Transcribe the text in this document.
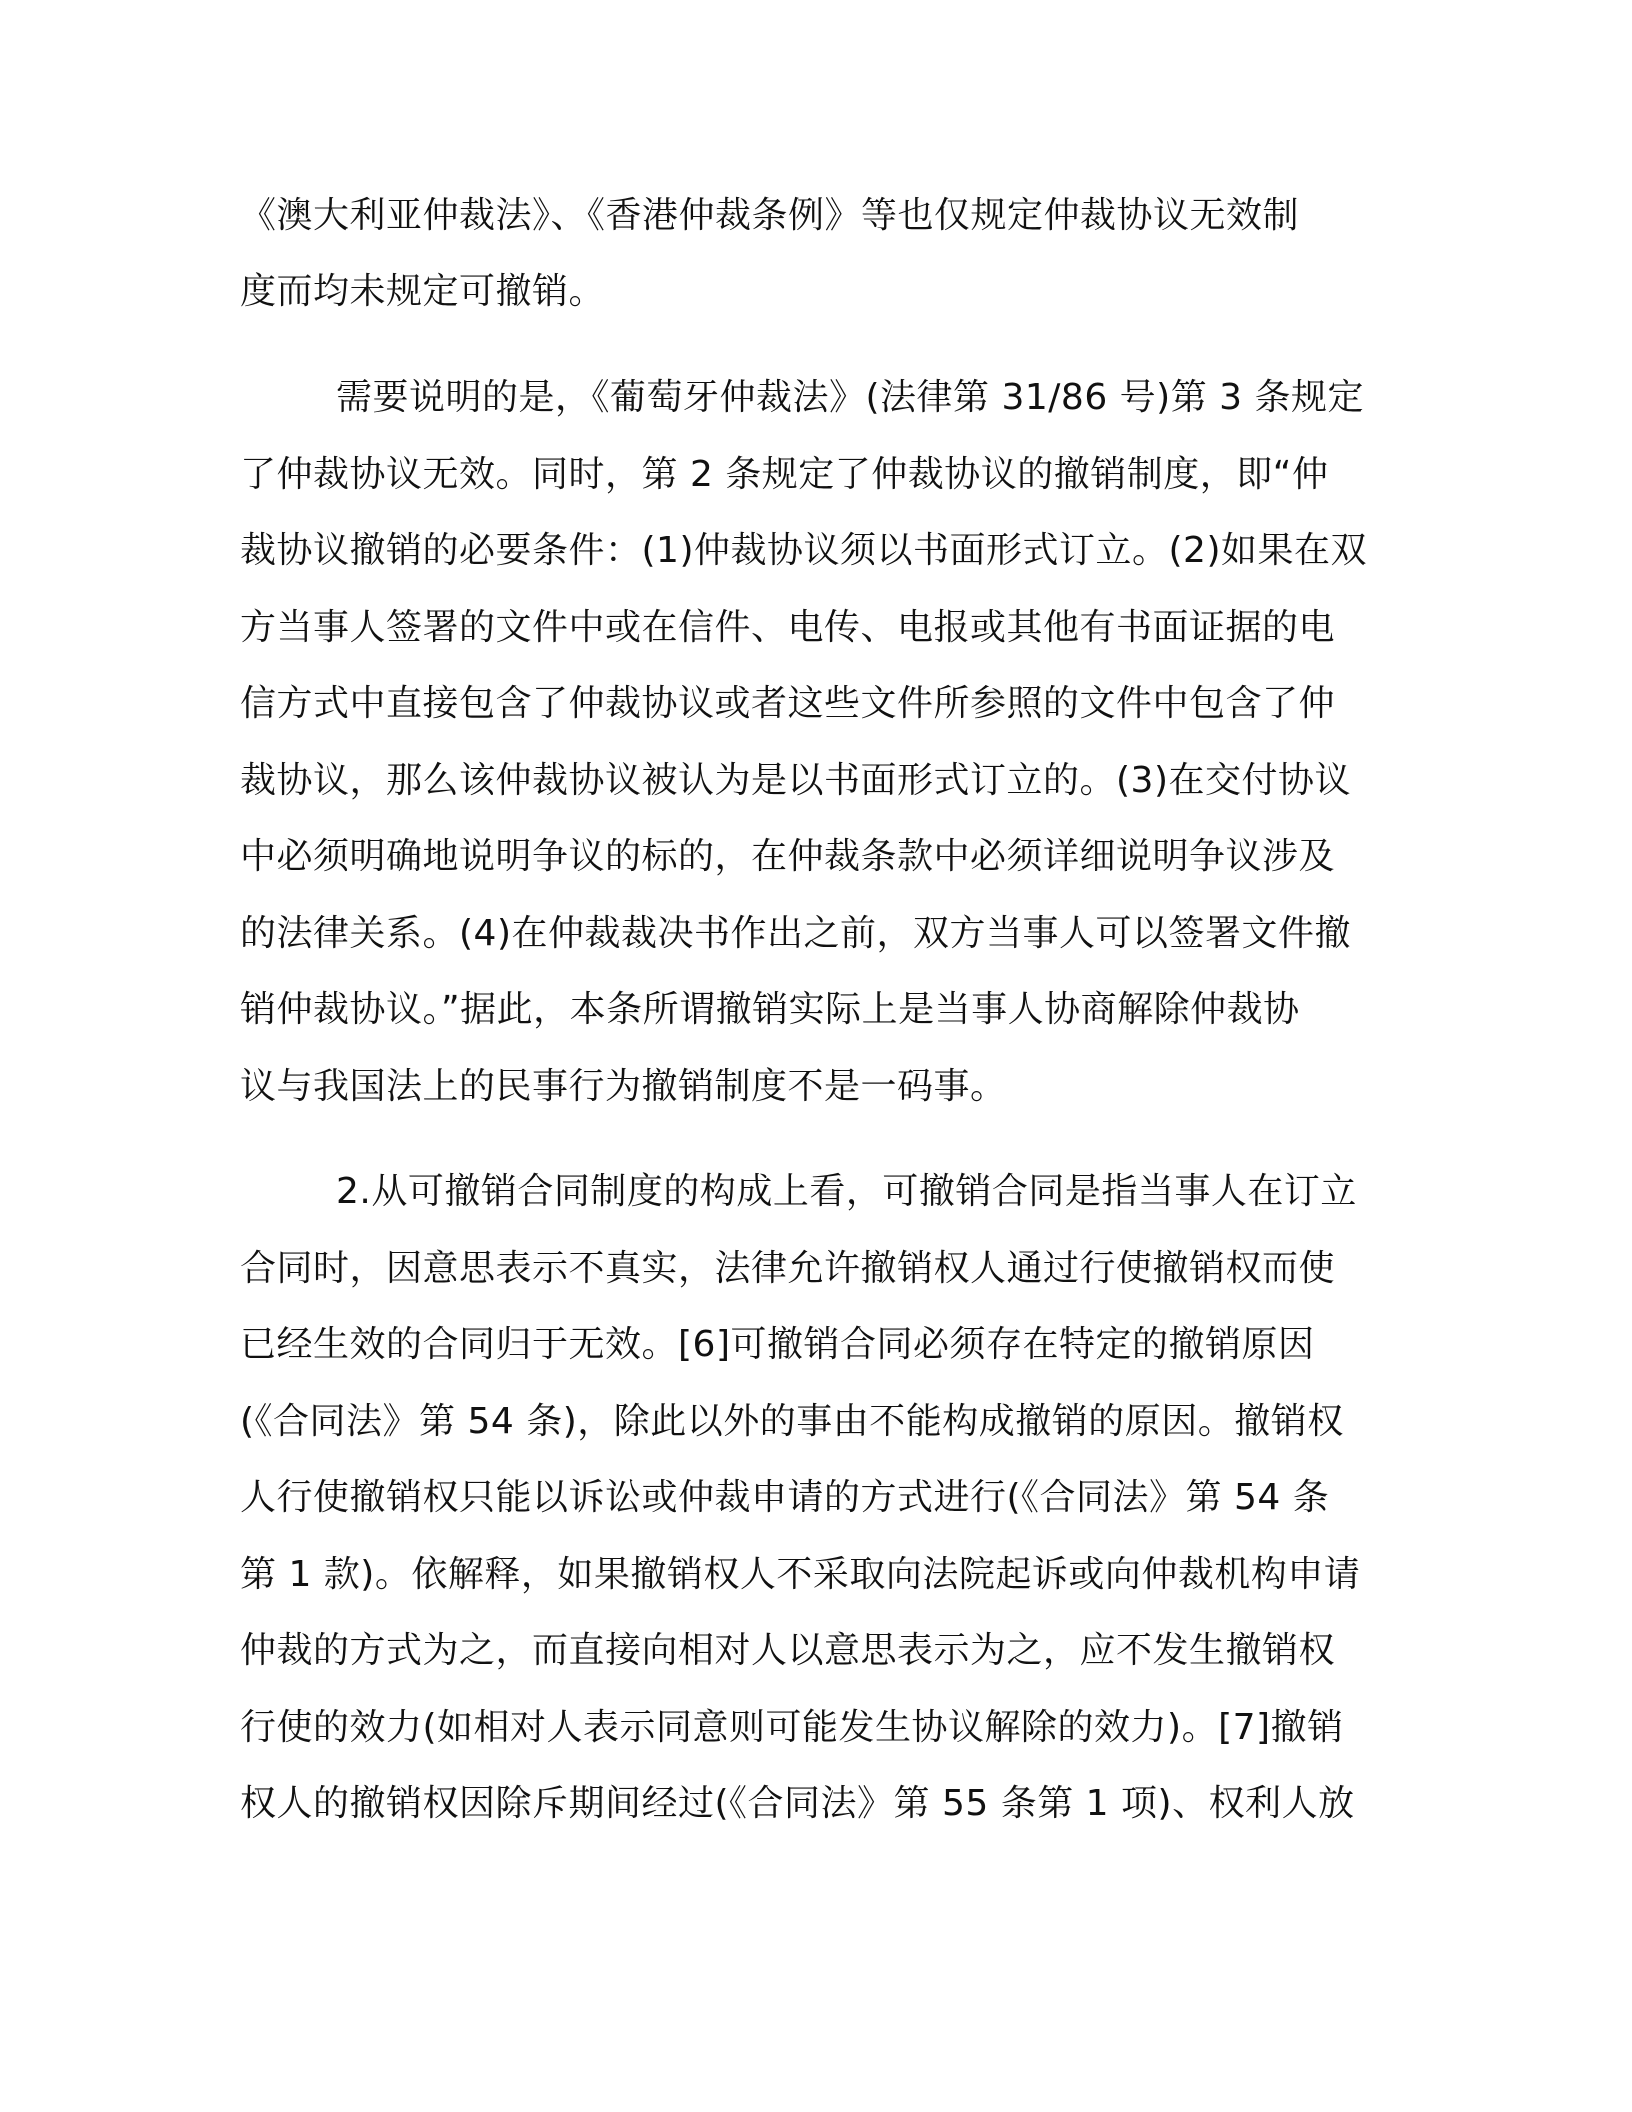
《澳大利亚仲裁法》、《香港仲裁条例》等也仅规定仲裁协议无效制
度而均未规定可撤销。
需要说明的是，《葡萄牙仲裁法》(法律第 31/86 号)第 3 条规定
了仲裁协议无效。同时，第 2 条规定了仲裁协议的撤销制度，即“仲
裁协议撤销的必要条件：(1)仲裁协议须以书面形式订立。(2)如果在双
方当事人签署的文件中或在信件、电传、电报或其他有书面证据的电
信方式中直接包含了仲裁协议或者这些文件所参照的文件中包含了仲
裁协议，那么该仲裁协议被认为是以书面形式订立的。(3)在交付协议
中必须明确地说明争议的标的，在仲裁条款中必须详细说明争议涉及
的法律关系。(4)在仲裁裁决书作出之前，双方当事人可以签署文件撤
销仲裁协议。”据此，本条所谓撤销实际上是当事人协商解除仲裁协
议与我国法上的民事行为撤销制度不是一码事。
2.从可撤销合同制度的构成上看，可撤销合同是指当事人在订立
合同时，因意思表示不真实，法律允许撤销权人通过行使撤销权而使
已经生效的合同归于无效。[6]可撤销合同必须存在特定的撤销原因
(《合同法》第 54 条)，除此以外的事由不能构成撤销的原因。撤销权
人行使撤销权只能以诉讼或仲裁申请的方式进行(《合同法》第 54 条
第 1 款)。依解释，如果撤销权人不采取向法院起诉或向仲裁机构申请
仲裁的方式为之，而直接向相对人以意思表示为之，应不发生撤销权
行使的效力(如相对人表示同意则可能发生协议解除的效力)。[7]撤销
权人的撤销权因除斥期间经过(《合同法》第 55 条第 1 项)、权利人放
